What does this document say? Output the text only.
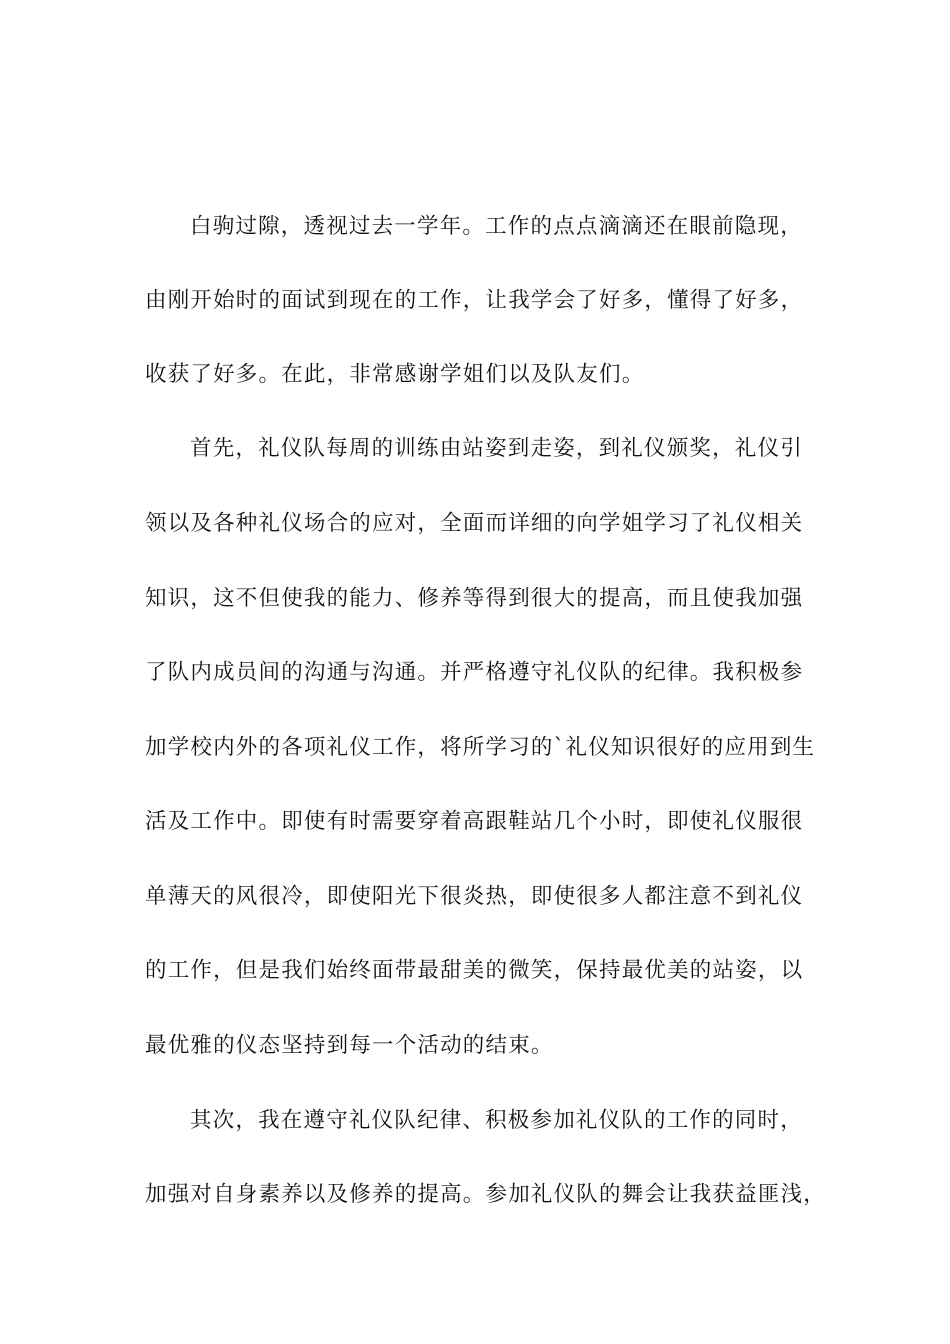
白驹过隙，透视过去一学年。工作的点点滴滴还在眼前隐现，
由刚开始时的面试到现在的工作，让我学会了好多，懂得了好多，
收获了好多。在此，非常感谢学姐们以及队友们。
首先，礼仪队每周的训练由站姿到走姿，到礼仪颁奖，礼仪引
领以及各种礼仪场合的应对，全面而详细的向学姐学习了礼仪相关
知识，这不但使我的能力、修养等得到很大的提高，而且使我加强
了队内成员间的沟通与沟通。并严格遵守礼仪队的纪律。我积极参
加学校内外的各项礼仪工作，将所学习的`礼仪知识很好的应用到生
活及工作中。即使有时需要穿着高跟鞋站几个小时，即使礼仪服很
单薄天的风很冷，即使阳光下很炎热，即使很多人都注意不到礼仪
的工作，但是我们始终面带最甜美的微笑，保持最优美的站姿，以
最优雅的仪态坚持到每一个活动的结束。
其次，我在遵守礼仪队纪律、积极参加礼仪队的工作的同时，
加强对自身素养以及修养的提高。参加礼仪队的舞会让我获益匪浅，
